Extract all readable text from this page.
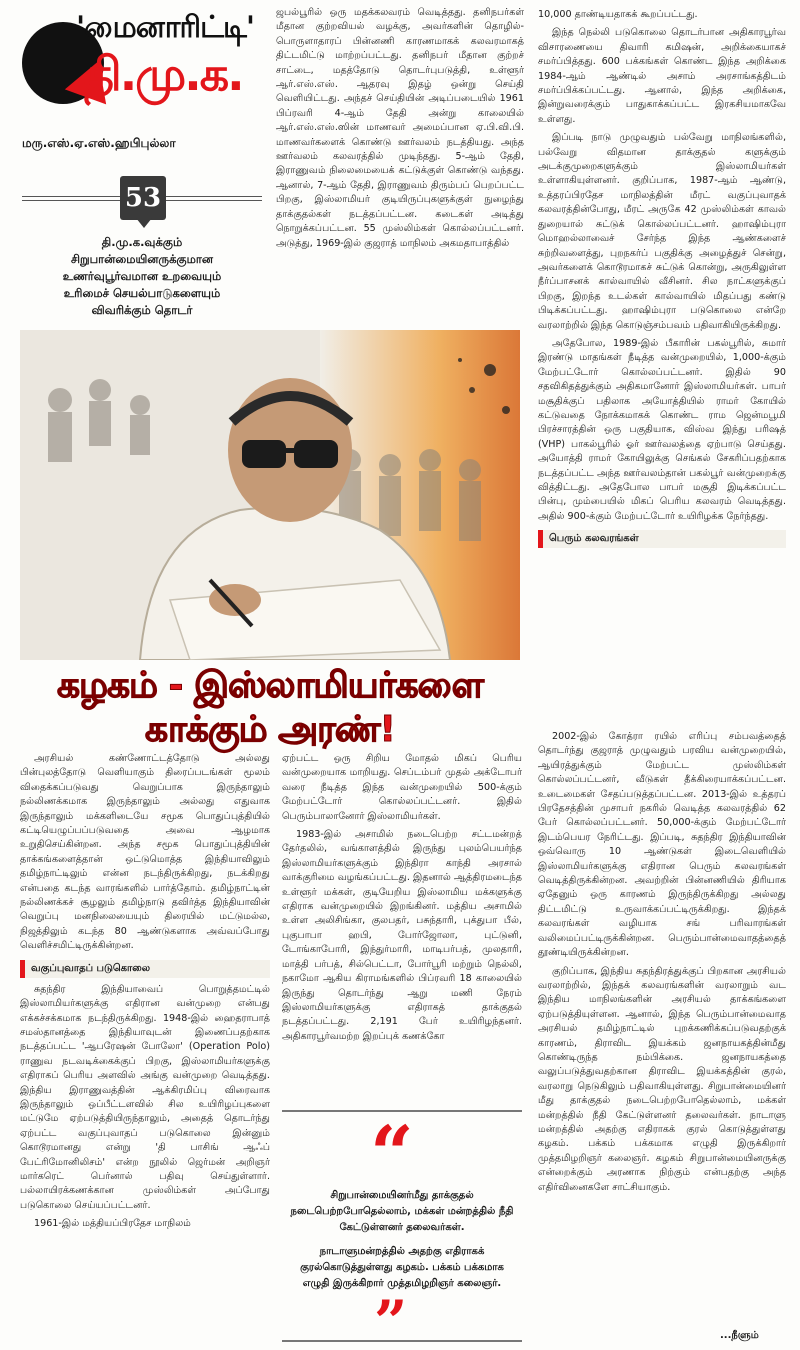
'மைனாரிட்டி'
தி.மு.க.
மரு.எஸ்.ஏ.எஸ்.ஹபிபுல்லா
53
தி.மு.க.வுக்கும்
சிறுபான்மையினருக்குமான
உணர்வுபூர்வமான உறவையும்
உரிமைச் செயல்பாடுகளையும்
விவரிக்கும் தொடர்

ஜபல்பூரில் ஒரு மதக்கலவரம் வெடித்தது. தனிநபர்கள் மீதான குற்றவியல் வழக்கு, அவர்களின் தொழில்-பொருளாதாரப் பின்னணி காரணமாகக் கலவரமாகத் திட்டமிட்டு மாற்றப்பட்டது. தனிநபர் மீதான குற்றச் சாட்டை, மதத்தோடு தொடர்புபடுத்தி, உள்ளூர் ஆர்.எஸ்.எஸ். ஆதரவு இதழ் ஒன்று செய்தி வெளியிட்டது. அந்தச் செய்தியின் அடிப்படையில் 1961 பிப்ரவரி 4-ஆம் தேதி அன்று காலையில் ஆர்.எஸ்.எஸ்.ஸின் மாணவர் அமைப்பான ஏ.பி.வி.பி. மாணவர்களைக் கொண்டு ஊர்வலம் நடத்தியது. அந்த ஊர்வலம் கலவரத்தில் முடிந்தது. 5-ஆம் தேதி, இராணுவம் நிலைமையைக் கட்டுக்குள் கொண்டு வந்தது. ஆனால், 7-ஆம் தேதி, இராணுவம் திரும்பப் பெறப்பட்ட பிறகு, இஸ்லாமியர் குடியிருப்புகளுக்குள் நுழைந்து தாக்குதல்கள் நடத்தப்பட்டன. கடைகள் அடித்து நொறுக்கப்பட்டன. 55 முஸ்லிம்கள் கொல்லப்பட்டனர். அடுத்து, 1969-இல் குஜராத் மாநிலம் அகமதாபாத்தில்

10,000 தாண்டியதாகக் கூறப்பட்டது.

இந்த நெல்லி படுகொலை தொடர்பான அதிகாரபூர்வ விசாரணையை திவாரி கமிஷன், அறிக்கையாகச் சமர்ப்பித்தது. 600 பக்கங்கள் கொண்ட இந்த அறிக்கை 1984-ஆம் ஆண்டில் அசாம் அரசாங்கத்திடம் சமர்ப்பிக்கப்பட்டது. ஆனால், இந்த அறிக்கை, இன்றுவரைக்கும் பாதுகாக்கப்பட்ட இரகசியமாகவே உள்ளது.

இப்படி நாடு முழுவதும் பல்வேறு மாநிலங்களில், பல்வேறு விதமான தாக்குதல் களுக்கும் அடக்குமுறைகளுக்கும் இஸ்லாமியர்கள் உள்ளாகியுள்ளனர். குறிப்பாக, 1987-ஆம் ஆண்டு, உத்தரப்பிரதேச மாநிலத்தின் மீரட் வகுப்புவாதக் கலவரத்தின்போது, மீரட் அருகே 42 முஸ்லிம்கள் காவல் துறையால் சுட்டுக் கொல்லப்பட்டனர். ஹாஷிம்புரா மொஹல்லாவைச் சேர்ந்த இந்த ஆண்களைச் சுற்றிவளைத்து, புறநகர்ப் பகுதிக்கு அழைத்துச் சென்று, அவர்களைக் கொடூரமாகச் சுட்டுக் கொன்று, அருகிலுள்ள நீர்ப்பாசனக் கால்வாயில் வீசினர். சில நாட்களுக்குப் பிறகு, இறந்த உடல்கள் கால்வாயில் மிதப்பது கண்டு பிடிக்கப்பட்டது. ஹாஷிம்புரா படுகொலை என்றே வரலாற்றில் இந்த கொடுஞ்சம்பவம் பதிவாகியிருக்கிறது.

அதேபோல, 1989-இல் பீகாரின் பகல்பூரில், சுமார் இரண்டு மாதங்கள் நீடித்த வன்முறையில், 1,000-க்கும் மேற்பட்டோர் கொல்லப்பட்டனர். இதில் 90 சதவிகிதத்துக்கும் அதிகமானோர் இஸ்லாமியர்கள். பாபர் மசூதிக்குப் பதிலாக அயோத்தியில் ராமர் கோயில் கட்டுவதை நோக்கமாகக் கொண்ட ராம ஜென்மபூமி பிரச்சாரத்தின் ஒரு பகுதியாக, விஸ்வ இந்து பரிஷத் (VHP) பாகல்பூரில் ஓர் ஊர்வலத்தை ஏற்பாடு செய்தது. அயோத்தி ராமர் கோயிலுக்கு செங்கல் சேகரிப்பதற்காக நடத்தப்பட்ட அந்த ஊர்வலம்தான் பகல்பூர் வன்முறைக்கு வித்திட்டது. அதேபோல பாபர் மசூதி இடிக்கப்பட்ட பின்பு, மும்பையில் மிகப் பெரிய கலவரம் வெடித்தது. அதில் 900-க்கும் மேற்பட்டோர் உயிரிழக்க நேர்ந்தது.

பெரும் கலவரங்கள்
கழகம் - இஸ்லாமியர்களை
காக்கும் அரண்!

அரசியல் கண்ணோட்டத்தோடு அல்லது பின்புலத்தோடு வெளியாகும் திரைப்படங்கள் மூலம் விதைக்கப்படுவது வெறுப்பாக இருந்தாலும் நல்லிணக்கமாக இருந்தாலும் அல்லது எதுவாக இருந்தாலும் மக்களிடையே சமூக பொதுப்புத்தியில் கட்டியெழுப்பப்படுவதை அவை ஆழமாக உறுதிசெய்கின்றன. அந்த சமூக பொதுப்புத்தியின் தாக்கங்களைத்தான் ஒட்டுமொத்த இந்தியாவிலும் தமிழ்நாட்டிலும் என்ன நடந்திருக்கிறது, நடக்கிறது என்பதை கடந்த வாரங்களில் பார்த்தோம். தமிழ்நாட்டின் நல்லிணக்கச் சூழலும் தமிழ்நாடு தவிர்த்த இந்தியாவின் வெறுப்பு மனநிலையையும் திரையில் மட்டுமல்ல, நிஜத்திலும் கடந்த 80 ஆண்டுகளாக அவ்வப்போது வெளிச்சமிட்டிருக்கின்றன.

வகுப்புவாதப் படுகொலை

சுதந்திர இந்தியாவைப் பொறுத்தமட்டில் இஸ்லாமியர்களுக்கு எதிரான வன்முறை என்பது எக்கச்சக்கமாக நடந்திருக்கிறது. 1948-இல் ஹைதராபாத் சமஸ்தானத்தை இந்தியாவுடன் இணைப்பதற்காக நடத்தப்பட்ட 'ஆபரேஷன் போலோ' (Operation Polo) ராணுவ நடவடிக்கைக்குப் பிறகு, இஸ்லாமியர்களுக்கு எதிராகப் பெரிய அளவில் அங்கு வன்முறை வெடித்தது. இந்திய இராணுவத்தின் ஆக்கிரமிப்பு விரைவாக இருந்தாலும் ஒப்பீட்டளவில் சில உயிரிழப்புகளை மட்டுமே ஏற்படுத்தியிருந்தாலும், அதைத் தொடர்ந்து ஏற்பட்ட வகுப்புவாதப் படுகொலை இன்னும் கொடூரமானது என்று 'தி பாசிங் ஆஃப் பேட்ரிமோனிலிசம்' என்ற நூலில் ஜெர்மன் அறிஞர் மார்கரெட் பெர்னால் பதிவு செய்துள்ளார். பல்லாயிரக்கணக்கான முஸ்லிம்கள் அப்போது படுகொலை செய்யப்பட்டனர்.

1961-இல் மத்தியப்பிரதேச மாநிலம்

ஏற்பட்ட ஒரு சிறிய மோதல் மிகப் பெரிய வன்முறையாக மாறியது. செப்டம்பர் முதல் அக்டோபர் வரை நீடித்த இந்த வன்முறையில் 500-க்கும் மேற்பட்டோர் கொல்லப்பட்டனர். இதில் பெரும்பாலானோர் இஸ்லாமியர்கள்.

1983-இல் அசாமில் நடைபெற்ற சட்டமன்றத் தேர்தலில், வங்காளத்தில் இருந்து புலம்பெயர்ந்த இஸ்லாமியர்களுக்கும் இந்திரா காந்தி அரசால் வாக்குரிமை வழங்கப்பட்டது. இதனால் ஆத்திரமடைந்த உள்ளூர் மக்கள், குடியேறிய இஸ்லாமிய மக்களுக்கு எதிராக வன்முறையில் இறங்கினர். மத்திய அசாமில் உள்ள அலிசிங்கா, குலபதர், பசுந்தாரி, புக்துபா பீல், புகுபாபா ஹபி, போர்ஜோலா, புட்டுனி, டோங்காபோரி, இந்துர்மாரி, மாடிபர்பத், முலதாரி, மாத்தி பர்பத், சில்பெட்டா, போர்பூரி மற்றும் நெல்லி, நகாமோ ஆகிய கிராமங்களில் பிப்ரவரி 18 காலையில் இருந்து தொடர்ந்து ஆறு மணி நேரம் இஸ்லாமியர்களுக்கு எதிராகத் தாக்குதல் நடத்தப்பட்டது. 2,191 பேர் உயிரிழந்தனர். அதிகாரபூர்வமற்ற இறப்புக் கணக்கோ

“
சிறுபான்மையினர்மீது தாக்குதல் நடைபெற்றபோதெல்லாம், மக்கள் மன்றத்தில் நீதி கேட்டுள்ளனர் தலைவர்கள்.
நாடாளுமன்றத்தில் அதற்கு எதிராகக் குரல்கொடுத்துள்ளது கழகம். பக்கம் பக்கமாக எழுதி இருக்கிறார் முத்தமிழறிஞர் கலைஞர்.
”

2002-இல் கோத்ரா ரயில் எரிப்பு சம்பவத்தைத் தொடர்ந்து குஜராத் முழுவதும் பரவிய வன்முறையில், ஆயிரத்துக்கும் மேற்பட்ட முஸ்லிம்கள் கொல்லப்பட்டனர், வீடுகள் தீக்கிரையாக்கப்பட்டன. உடைமைகள் சேதப்படுத்தப்பட்டன. 2013-இல் உத்தரப் பிரதேசத்தின் முசாபர் நகரில் வெடித்த கலவரத்தில் 62 பேர் கொல்லப்பட்டனர். 50,000-க்கும் மேற்பட்டோர் இடம்பெயர நேரிட்டது. இப்படி, சுதந்திர இந்தியாவின் ஒவ்வொரு 10 ஆண்டுகள் இடைவெளியில் இஸ்லாமியர்களுக்கு எதிரான பெரும் கலவரங்கள் வெடித்திருக்கின்றன. அவற்றின் பின்னணியில் திரியாக ஏதேனும் ஒரு காரணம் இருந்திருக்கிறது அல்லது திட்டமிட்டு உருவாக்கப்பட்டிருக்கிறது. இந்தக் கலவரங்கள் வழியாக சங் பரிவாரங்கள் வலிமைப்பட்டிருக்கின்றன. பெரும்பான்மைவாதத்தைத் தூண்டியிருக்கின்றன.

குறிப்பாக, இந்திய சுதந்திரத்துக்குப் பிறகான அரசியல் வரலாற்றில், இந்தக் கலவரங்களின் வரலாறும் வட இந்திய மாநிலங்களின் அரசியல் தாக்கங்களை ஏற்படுத்தியுள்ளன. ஆனால், இந்த பெரும்பான்மைவாத அரசியல் தமிழ்நாட்டில் புறக்கணிக்கப்படுவதற்குக் காரணம், திராவிட இயக்கம் ஜனநாயகத்தின்மீது கொண்டிருந்த நம்பிக்கை. ஜனநாயகத்தை வலுப்படுத்துவதற்கான திராவிட இயக்கத்தின் குரல், வரலாறு நெடுகிலும் பதிவாகியுள்ளது. சிறுபான்மையினர் மீது தாக்குதல் நடைபெற்றபோதெல்லாம், மக்கள் மன்றத்தில் நீதி கேட்டுள்ளனர் தலைவர்கள். நாடாளு மன்றத்தில் அதற்கு எதிராகக் குரல் கொடுத்துள்ளது கழகம். பக்கம் பக்கமாக எழுதி இருக்கிறார் முத்தமிழறிஞர் கலைஞர். கழகம் சிறுபான்மையினருக்கு என்றைக்கும் அரணாக நிற்கும் என்பதற்கு அந்த எதிர்வினைகளே சாட்சியாகும்.

...நீளும்
